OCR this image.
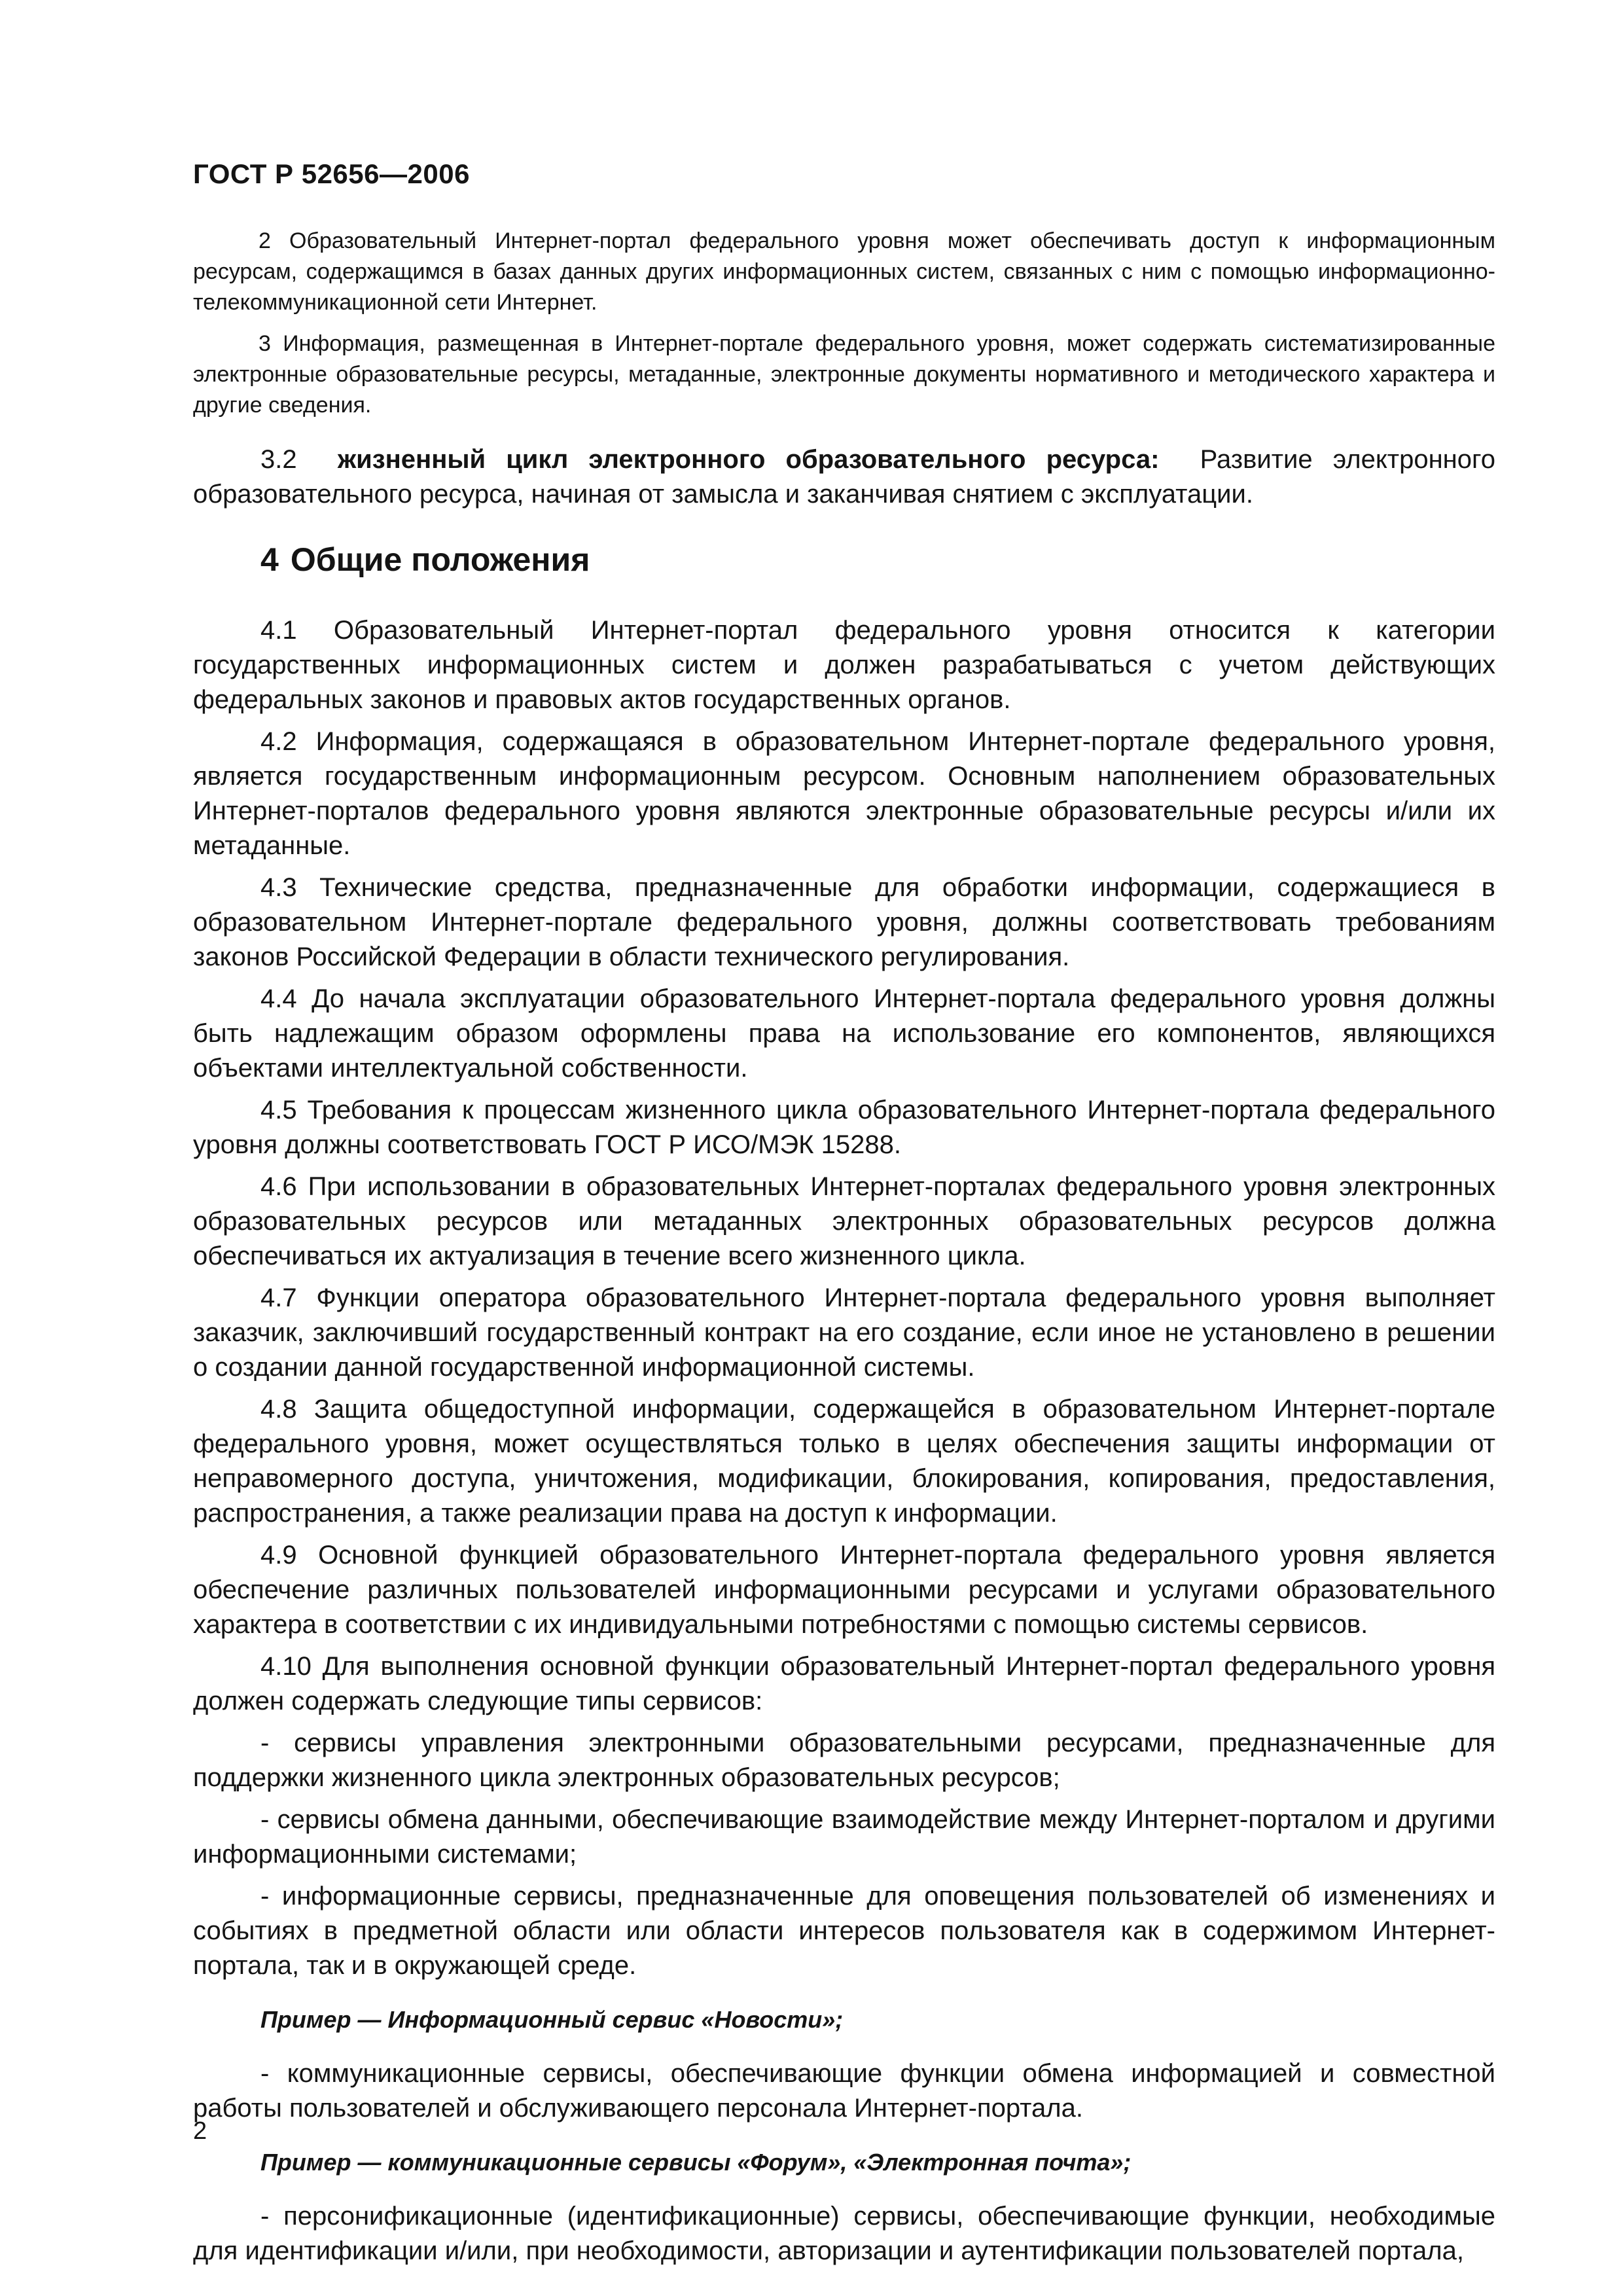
ГОСТ Р 52656—2006

2 Образовательный Интернет-портал федерального уровня может обеспечивать доступ к информационным ресурсам, содержащимся в базах данных других информационных систем, связанных с ним с помощью информационно-телекоммуникационной сети Интернет.

3 Информация, размещенная в Интернет-портале федерального уровня, может содержать систематизированные электронные образовательные ресурсы, метаданные, электронные документы нормативного и методического характера и другие сведения.

3.2 жизненный цикл электронного образовательного ресурса: Развитие электронного образовательного ресурса, начиная от замысла и заканчивая снятием с эксплуатации.

4 Общие положения

4.1 Образовательный Интернет-портал федерального уровня относится к категории государственных информационных систем и должен разрабатываться с учетом действующих федеральных законов и правовых актов государственных органов.

4.2 Информация, содержащаяся в образовательном Интернет-портале федерального уровня, является государственным информационным ресурсом. Основным наполнением образовательных Интернет-порталов федерального уровня являются электронные образовательные ресурсы и/или их метаданные.

4.3 Технические средства, предназначенные для обработки информации, содержащиеся в образовательном Интернет-портале федерального уровня, должны соответствовать требованиям законов Российской Федерации в области технического регулирования.

4.4 До начала эксплуатации образовательного Интернет-портала федерального уровня должны быть надлежащим образом оформлены права на использование его компонентов, являющихся объектами интеллектуальной собственности.

4.5 Требования к процессам жизненного цикла образовательного Интернет-портала федерального уровня должны соответствовать ГОСТ Р ИСО/МЭК 15288.

4.6 При использовании в образовательных Интернет-порталах федерального уровня электронных образовательных ресурсов или метаданных электронных образовательных ресурсов должна обеспечиваться их актуализация в течение всего жизненного цикла.

4.7 Функции оператора образовательного Интернет-портала федерального уровня выполняет заказчик, заключивший государственный контракт на его создание, если иное не установлено в решении о создании данной государственной информационной системы.

4.8 Защита общедоступной информации, содержащейся в образовательном Интернет-портале федерального уровня, может осуществляться только в целях обеспечения защиты информации от неправомерного доступа, уничтожения, модификации, блокирования, копирования, предоставления, распространения, а также реализации права на доступ к информации.

4.9 Основной функцией образовательного Интернет-портала федерального уровня является обеспечение различных пользователей информационными ресурсами и услугами образовательного характера в соответствии с их индивидуальными потребностями с помощью системы сервисов.

4.10 Для выполнения основной функции образовательный Интернет-портал федерального уровня должен содержать следующие типы сервисов:

- сервисы управления электронными образовательными ресурсами, предназначенные для поддержки жизненного цикла электронных образовательных ресурсов;

- сервисы обмена данными, обеспечивающие взаимодействие между Интернет-порталом и другими информационными системами;

- информационные сервисы, предназначенные для оповещения пользователей об изменениях и событиях в предметной области или области интересов пользователя как в содержимом Интернет-портала, так и в окружающей среде.

Пример — Информационный сервис «Новости»;

- коммуникационные сервисы, обеспечивающие функции обмена информацией и совместной работы пользователей и обслуживающего персонала Интернет-портала.

Пример — коммуникационные сервисы «Форум», «Электронная почта»;

- персонификационные (идентификационные) сервисы, обеспечивающие функции, необходимые для идентификации и/или, при необходимости, авторизации и аутентификации пользователей портала,

2
